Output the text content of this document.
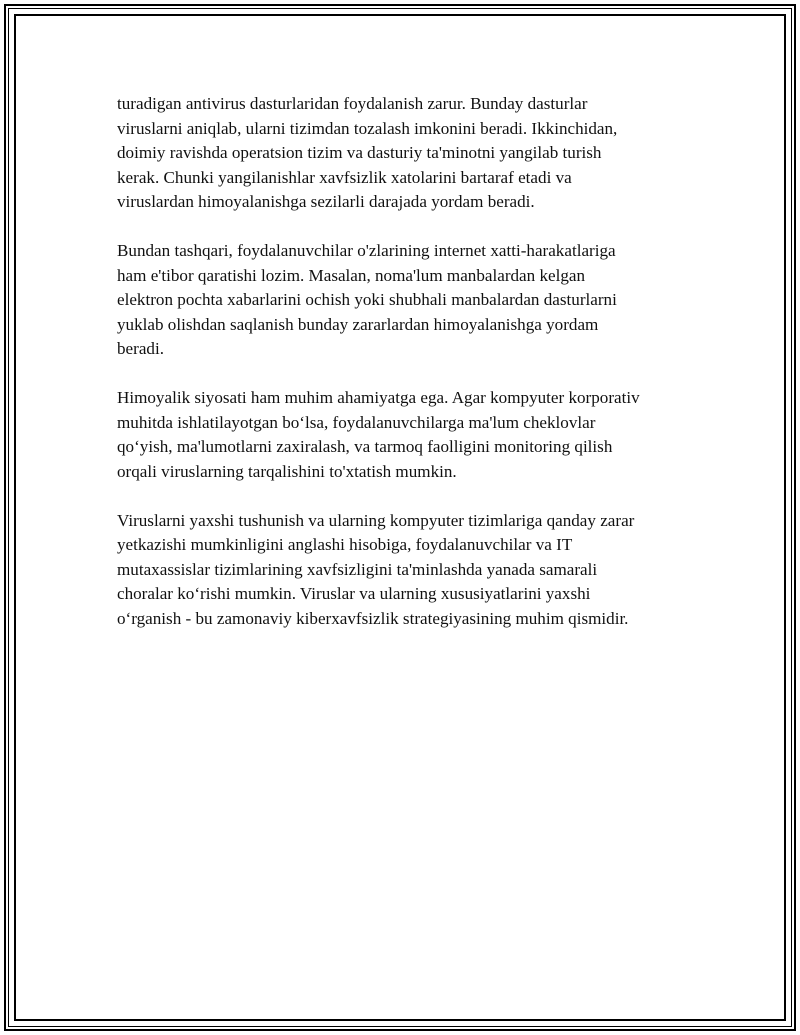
turadigan antivirus dasturlaridan foydalanish zarur. Bunday dasturlar
viruslarni aniqlab, ularni tizimdan tozalash imkonini beradi. Ikkinchidan,
doimiy ravishda operatsion tizim va dasturiy ta'minotni yangilab turish
kerak. Chunki yangilanishlar xavfsizlik xatolarini bartaraf etadi va
viruslardan himoyalanishga sezilarli darajada yordam beradi.

Bundan tashqari, foydalanuvchilar o'zlarining internet xatti-harakatlariga
ham e'tibor qaratishi lozim. Masalan, noma'lum manbalardan kelgan
elektron pochta xabarlarini ochish yoki shubhali manbalardan dasturlarni
yuklab olishdan saqlanish bunday zararlardan himoyalanishga yordam
beradi.

Himoyalik siyosati ham muhim ahamiyatga ega. Agar kompyuter korporativ
muhitda ishlatilayotgan bo‘lsa, foydalanuvchilarga ma'lum cheklovlar
qo‘yish, ma'lumotlarni zaxiralash, va tarmoq faolligini monitoring qilish
orqali viruslarning tarqalishini to'xtatish mumkin.

Viruslarni yaxshi tushunish va ularning kompyuter tizimlariga qanday zarar
yetkazishi mumkinligini anglashi hisobiga, foydalanuvchilar va IT
mutaxassislar tizimlarining xavfsizligini ta'minlashda yanada samarali
choralar ko‘rishi mumkin. Viruslar va ularning xususiyatlarini yaxshi
o‘rganish - bu zamonaviy kiberxavfsizlik strategiyasining muhim qismidir.
